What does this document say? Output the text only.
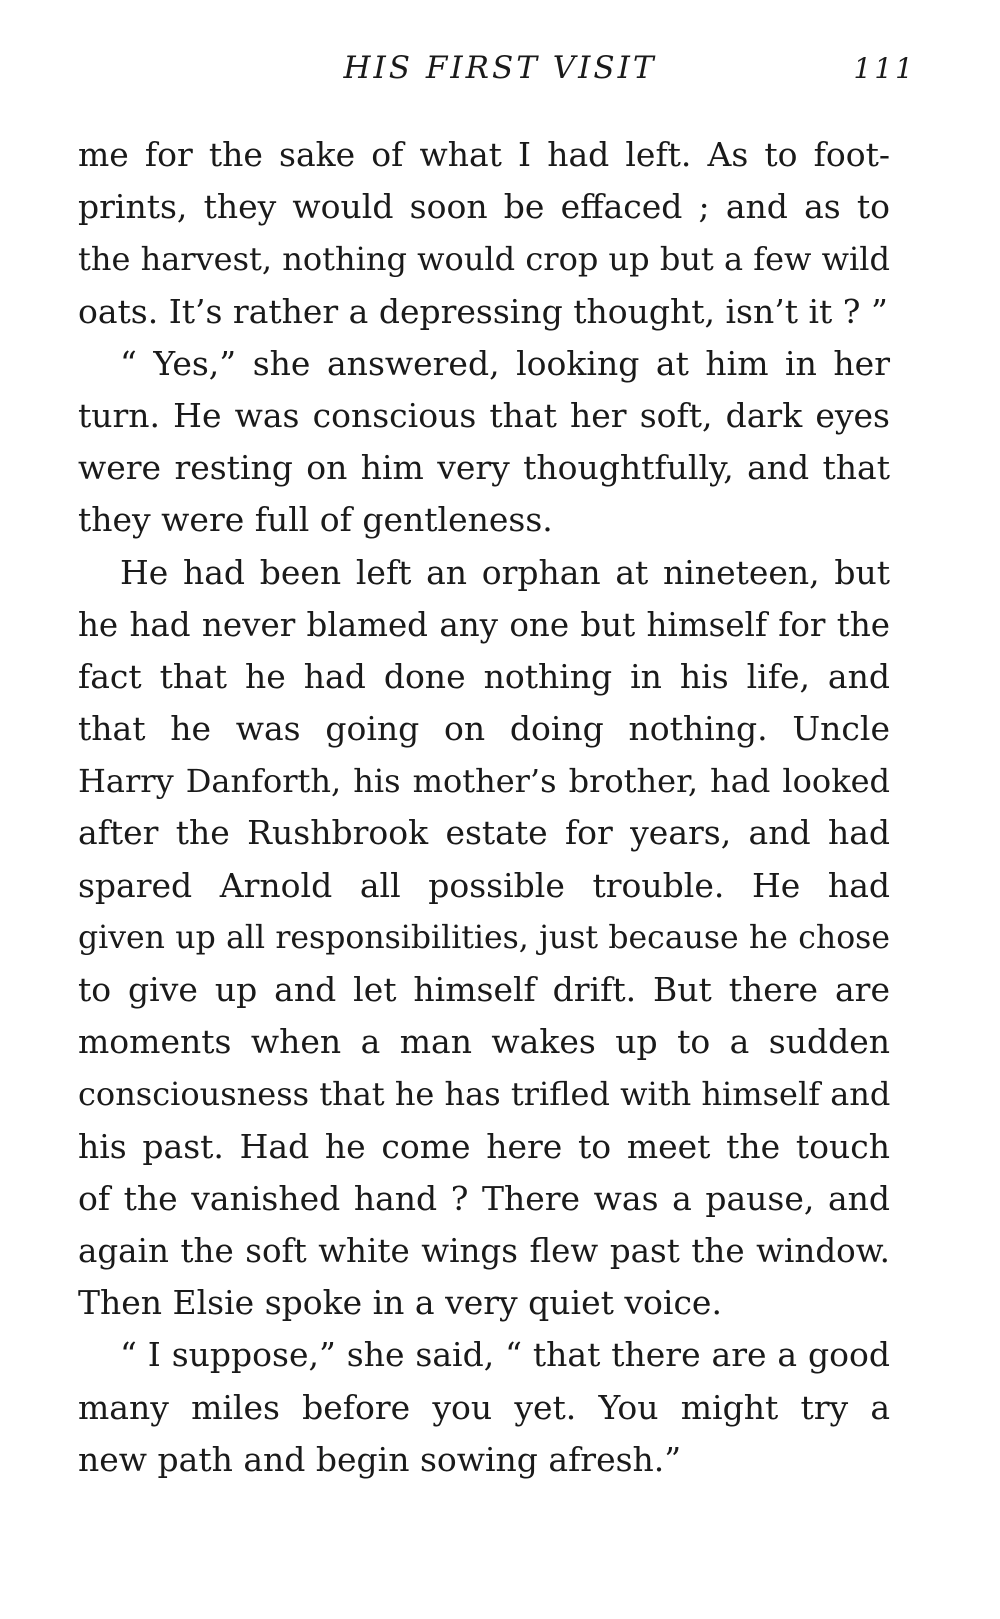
HIS FIRST VISIT	111
me for the sake of what I had left. As to foot-
prints, they would soon be effaced ; and as to
the harvest, nothing would crop up but a few wild
oats. It’s rather a depressing thought, isn’t it ? ”
“ Yes,” she answered, looking at him in her
turn. He was conscious that her soft, dark eyes
were resting on him very thoughtfully, and that
they were full of gentleness.
He had been left an orphan at nineteen, but
he had never blamed any one but himself for the
fact that he had done nothing in his life, and
that he was going on doing nothing. Uncle
Harry Danforth, his mother’s brother, had looked
after the Rushbrook estate for years, and had
spared Arnold all possible trouble. He had
given up all responsibilities, just because he chose
to give up and let himself drift. But there are
moments when a man wakes up to a sudden
consciousness that he has trifled with himself and
his past. Had he come here to meet the touch
of the vanished hand ? There was a pause, and
again the soft white wings flew past the window.
Then Elsie spoke in a very quiet voice.
“ I suppose,” she said, “ that there are a good
many miles before you yet. You might try a
new path and begin sowing afresh.”
